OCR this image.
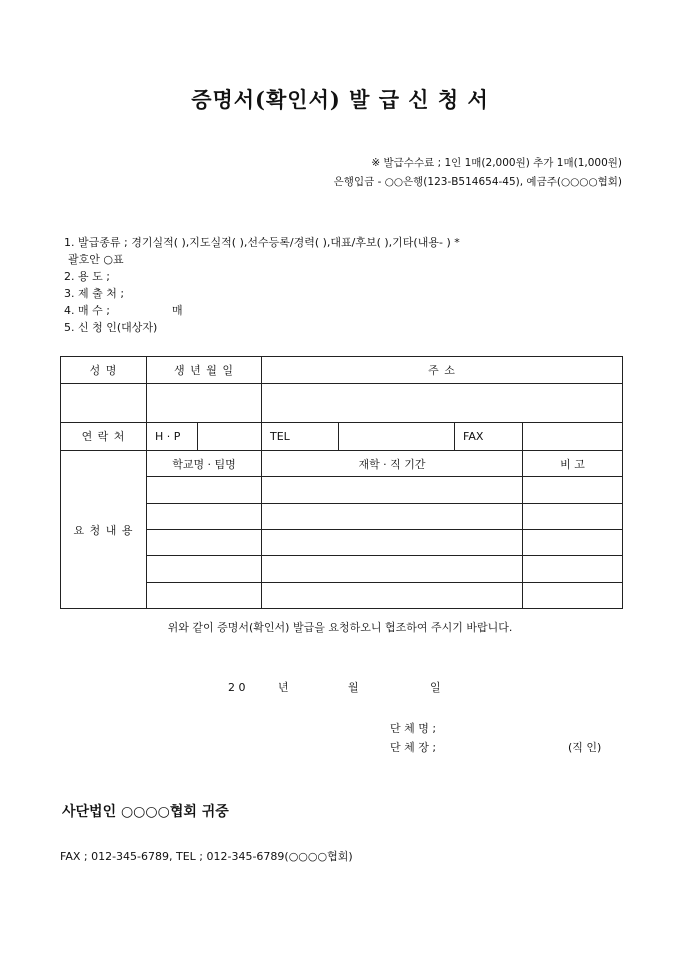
증명서(확인서) 발 급 신 청 서
※ 발급수수료 ; 1인 1매(2,000원) 추가 1매(1,000원)
은행입금 - ○○은행(123-B514654-45), 예금주(○○○○협회)
1. 발급종류 ; 경기실적( ),지도실적( ),선수등록/경력( ),대표/후보( ),기타(내용- ) *
괄호안 ○표
2. 용 도 ;
3. 제 출 처 ;
4. 매 수 ;	매
5. 신 청 인(대상자)
성 명	생 년 월 일		주 소			

연 락 처	H · P		TEL		FAX	
요 청 내 용	학교명 · 팀명		재학 · 직 기간			비 고

위와 같이 증명서(확인서) 발급을 요청하오니 협조하여 주시기 바랍니다.
2 0	년	월	일
단 체 명 ;
단 체 장 ;	(직 인)
사단법인 ○○○○협회 귀중
FAX ; 012-345-6789, TEL ; 012-345-6789(○○○○협회)
